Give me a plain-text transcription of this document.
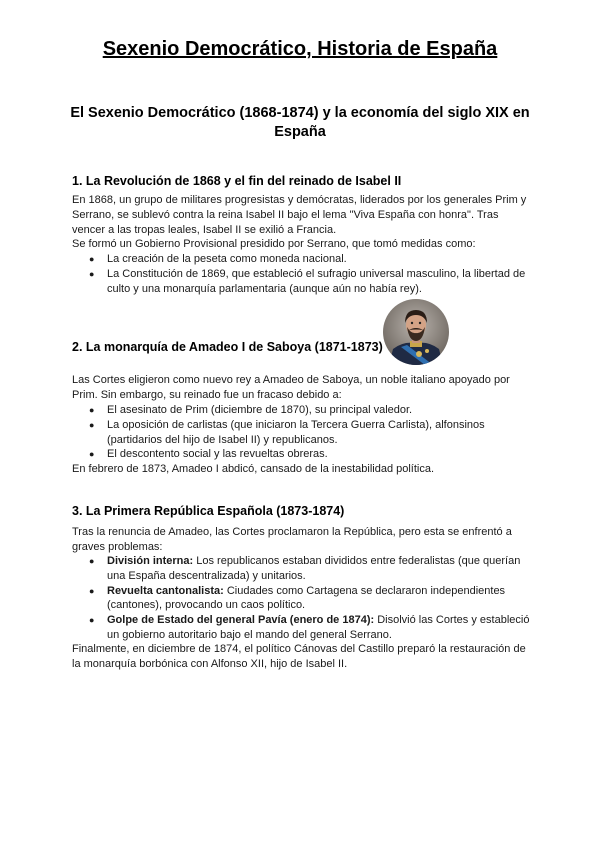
Sexenio Democrático, Historia de España
El Sexenio Democrático (1868-1874) y la economía del siglo XIX en España
1. La Revolución de 1868 y el fin del reinado de Isabel II

En 1868, un grupo de militares progresistas y demócratas, liderados por los generales Prim y Serrano, se sublevó contra la reina Isabel II bajo el lema "Viva España con honra". Tras vencer a las tropas leales, Isabel II se exilió a Francia.

Se formó un Gobierno Provisional presidido por Serrano, que tomó medidas como:

● La creación de la peseta como moneda nacional.
● La Constitución de 1869, que estableció el sufragio universal masculino, la libertad de culto y una monarquía parlamentaria (aunque aún no había rey).
2. La monarquía de Amadeo I de Saboya (1871-1873)

Las Cortes eligieron como nuevo rey a Amadeo de Saboya, un noble italiano apoyado por Prim. Sin embargo, su reinado fue un fracaso debido a:

● El asesinato de Prim (diciembre de 1870), su principal valedor.
● La oposición de carlistas (que iniciaron la Tercera Guerra Carlista), alfonsinos (partidarios del hijo de Isabel II) y republicanos.
● El descontento social y las revueltas obreras.

En febrero de 1873, Amadeo I abdicó, cansado de la inestabilidad política.

3. La Primera República Española (1873-1874)

Tras la renuncia de Amadeo, las Cortes proclamaron la República, pero esta se enfrentó a graves problemas:

● División interna: Los republicanos estaban divididos entre federalistas (que querían una España descentralizada) y unitarios.
● Revuelta cantonalista: Ciudades como Cartagena se declararon independientes (cantones), provocando un caos político.
● Golpe de Estado del general Pavía (enero de 1874): Disolvió las Cortes y estableció un gobierno autoritario bajo el mando del general Serrano.

Finalmente, en diciembre de 1874, el político Cánovas del Castillo preparó la restauración de la monarquía borbónica con Alfonso XII, hijo de Isabel II.
